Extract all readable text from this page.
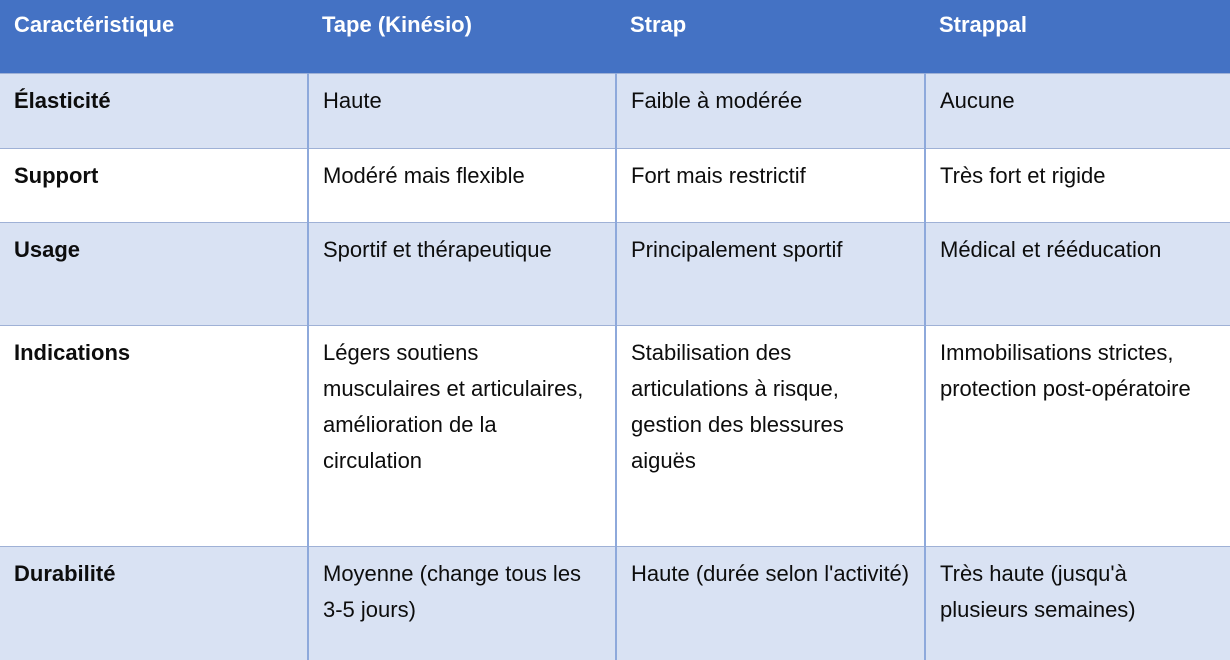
Caractéristique	Tape (Kinésio)	Strap	Strappal
Élasticité	Haute	Faible à modérée	Aucune
Support	Modéré mais flexible	Fort mais restrictif	Très fort et rigide
Usage	Sportif et thérapeutique	Principalement sportif	Médical et rééducation
Indications	Légers soutiens musculaires et articulaires, amélioration de la circulation	Stabilisation des articulations à risque, gestion des blessures aiguës	Immobilisations strictes, protection post-opératoire
Durabilité	Moyenne (change tous les 3-5 jours)	Haute (durée selon l'activité)	Très haute (jusqu'à plusieurs semaines)
